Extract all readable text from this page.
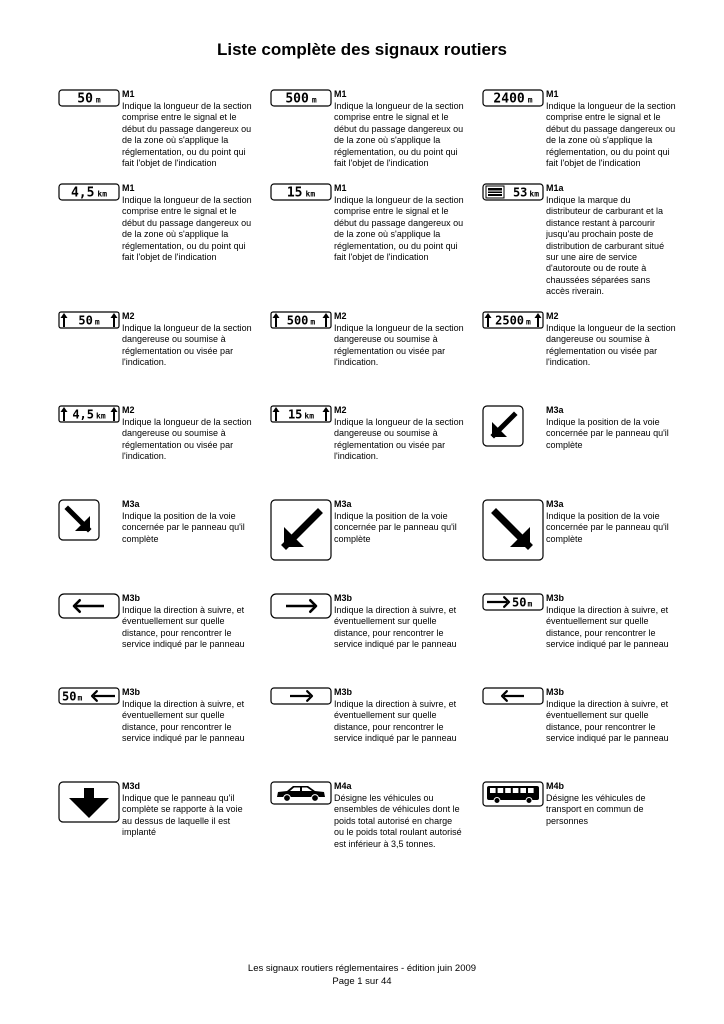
Liste complète des signaux routiers
50 m
M1
Indique la longueur de la section
comprise entre le signal et le
début du passage dangereux ou
de la zone où s'applique la
réglementation, ou du point qui
fait l'objet de l'indication
500 m
M1
Indique la longueur de la section
comprise entre le signal et le
début du passage dangereux ou
de la zone où s'applique la
réglementation, ou du point qui
fait l'objet de l'indication
2400 m
M1
Indique la longueur de la section
comprise entre le signal et le
début du passage dangereux ou
de la zone où s'applique la
réglementation, ou du point qui
fait l'objet de l'indication
4,5 km
M1
Indique la longueur de la section
comprise entre le signal et le
début du passage dangereux ou
de la zone où s'applique la
réglementation, ou du point qui
fait l'objet de l'indication
15 km
M1
Indique la longueur de la section
comprise entre le signal et le
début du passage dangereux ou
de la zone où s'applique la
réglementation, ou du point qui
fait l'objet de l'indication
53 km
M1a
Indique la marque du
distributeur de carburant et la
distance restant à parcourir
jusqu'au prochain poste de
distribution de carburant situé
sur une aire de service
d'autoroute ou de route à
chaussées séparées sans
accès riverain.
50 m
M2
Indique la longueur de la section
dangereuse ou soumise à
réglementation ou visée par
l'indication.
500 m
M2
Indique la longueur de la section
dangereuse ou soumise à
réglementation ou visée par
l'indication.
2500 m
M2
Indique la longueur de la section
dangereuse ou soumise à
réglementation ou visée par
l'indication.
4,5 km
M2
Indique la longueur de la section
dangereuse ou soumise à
réglementation ou visée par
l'indication.
15 km
M2
Indique la longueur de la section
dangereuse ou soumise à
réglementation ou visée par
l'indication.
M3a
Indique la position de la voie
concernée par le panneau qu'il
complète
M3a
Indique la position de la voie
concernée par le panneau qu'il
complète
M3a
Indique la position de la voie
concernée par le panneau qu'il
complète
M3a
Indique la position de la voie
concernée par le panneau qu'il
complète
M3b
Indique la direction à suivre, et
éventuellement sur quelle
distance, pour rencontrer le
service indiqué par le panneau
M3b
Indique la direction à suivre, et
éventuellement sur quelle
distance, pour rencontrer le
service indiqué par le panneau
50m
M3b
Indique la direction à suivre, et
éventuellement sur quelle
distance, pour rencontrer le
service indiqué par le panneau
50m
M3b
Indique la direction à suivre, et
éventuellement sur quelle
distance, pour rencontrer le
service indiqué par le panneau
M3b
Indique la direction à suivre, et
éventuellement sur quelle
distance, pour rencontrer le
service indiqué par le panneau
M3b
Indique la direction à suivre, et
éventuellement sur quelle
distance, pour rencontrer le
service indiqué par le panneau
M3d
Indique que le panneau qu'il
complète se rapporte à la voie
au dessus de laquelle il est
implanté
M4a
Désigne les véhicules ou
ensembles de véhicules dont le
poids total autorisé en charge
ou le poids total roulant autorisé
est inférieur à 3,5 tonnes.
M4b
Désigne les véhicules de
transport en commun de
personnes
Les signaux routiers réglementaires - édition juin 2009
Page 1 sur 44
